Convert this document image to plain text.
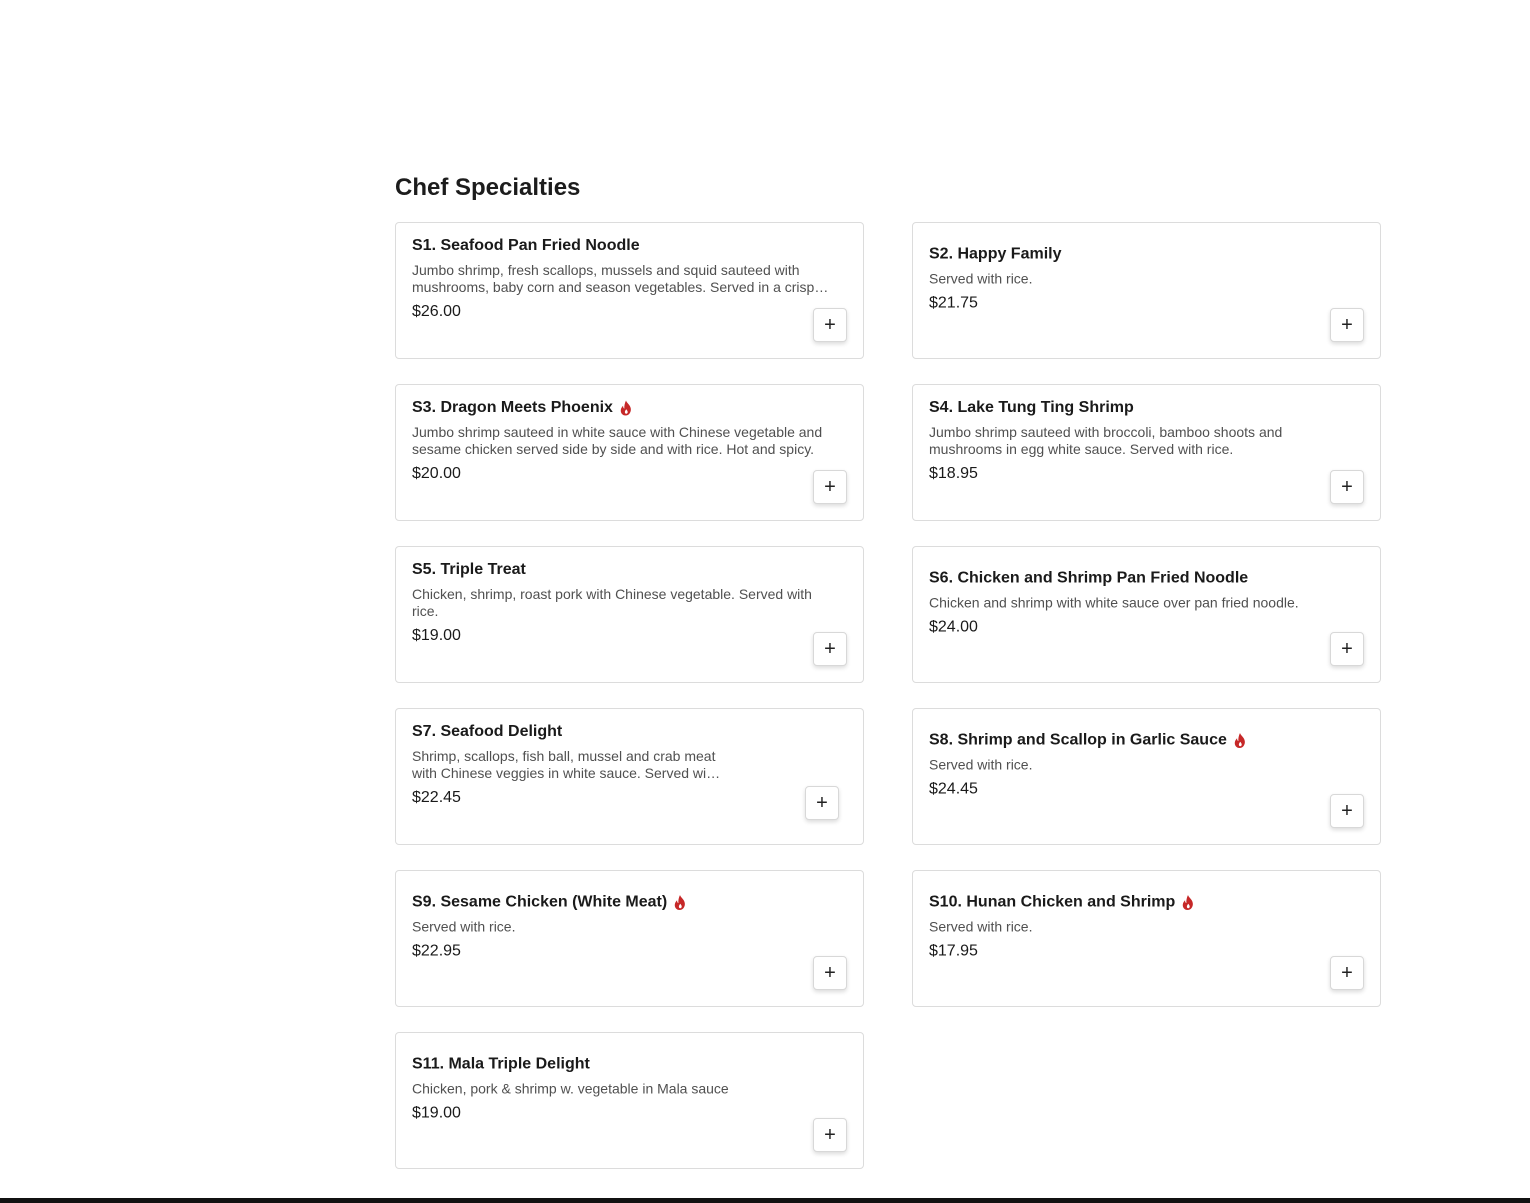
Chef Specialties
S1. Seafood Pan Fried Noodle
Jumbo shrimp, fresh scallops, mussels and squid sauteed with mushrooms, baby corn and season vegetables. Served in a crispy
$26.00
+
S2. Happy Family
Served with rice.
$21.75
+
S3. Dragon Meets Phoenix
Jumbo shrimp sauteed in white sauce with Chinese vegetable and sesame chicken served side by side and with rice. Hot and spicy.
$20.00
+
S4. Lake Tung Ting Shrimp
Jumbo shrimp sauteed with broccoli, bamboo shoots and mushrooms in egg white sauce. Served with rice.
$18.95
+
S5. Triple Treat
Chicken, shrimp, roast pork with Chinese vegetable. Served with rice.
$19.00
+
S6. Chicken and Shrimp Pan Fried Noodle
Chicken and shrimp with white sauce over pan fried noodle.
$24.00
+
S7. Seafood Delight
Shrimp, scallops, fish ball, mussel and crab meat with Chinese veggies in white sauce. Served with
$22.45	+
S8. Shrimp and Scallop in Garlic Sauce
Served with rice.
$24.45
+
S9. Sesame Chicken (White Meat)
Served with rice.
$22.95
+
S10. Hunan Chicken and Shrimp
Served with rice.
$17.95
+
S11. Mala Triple Delight
Chicken, pork & shrimp w. vegetable in Mala sauce
$19.00
+
